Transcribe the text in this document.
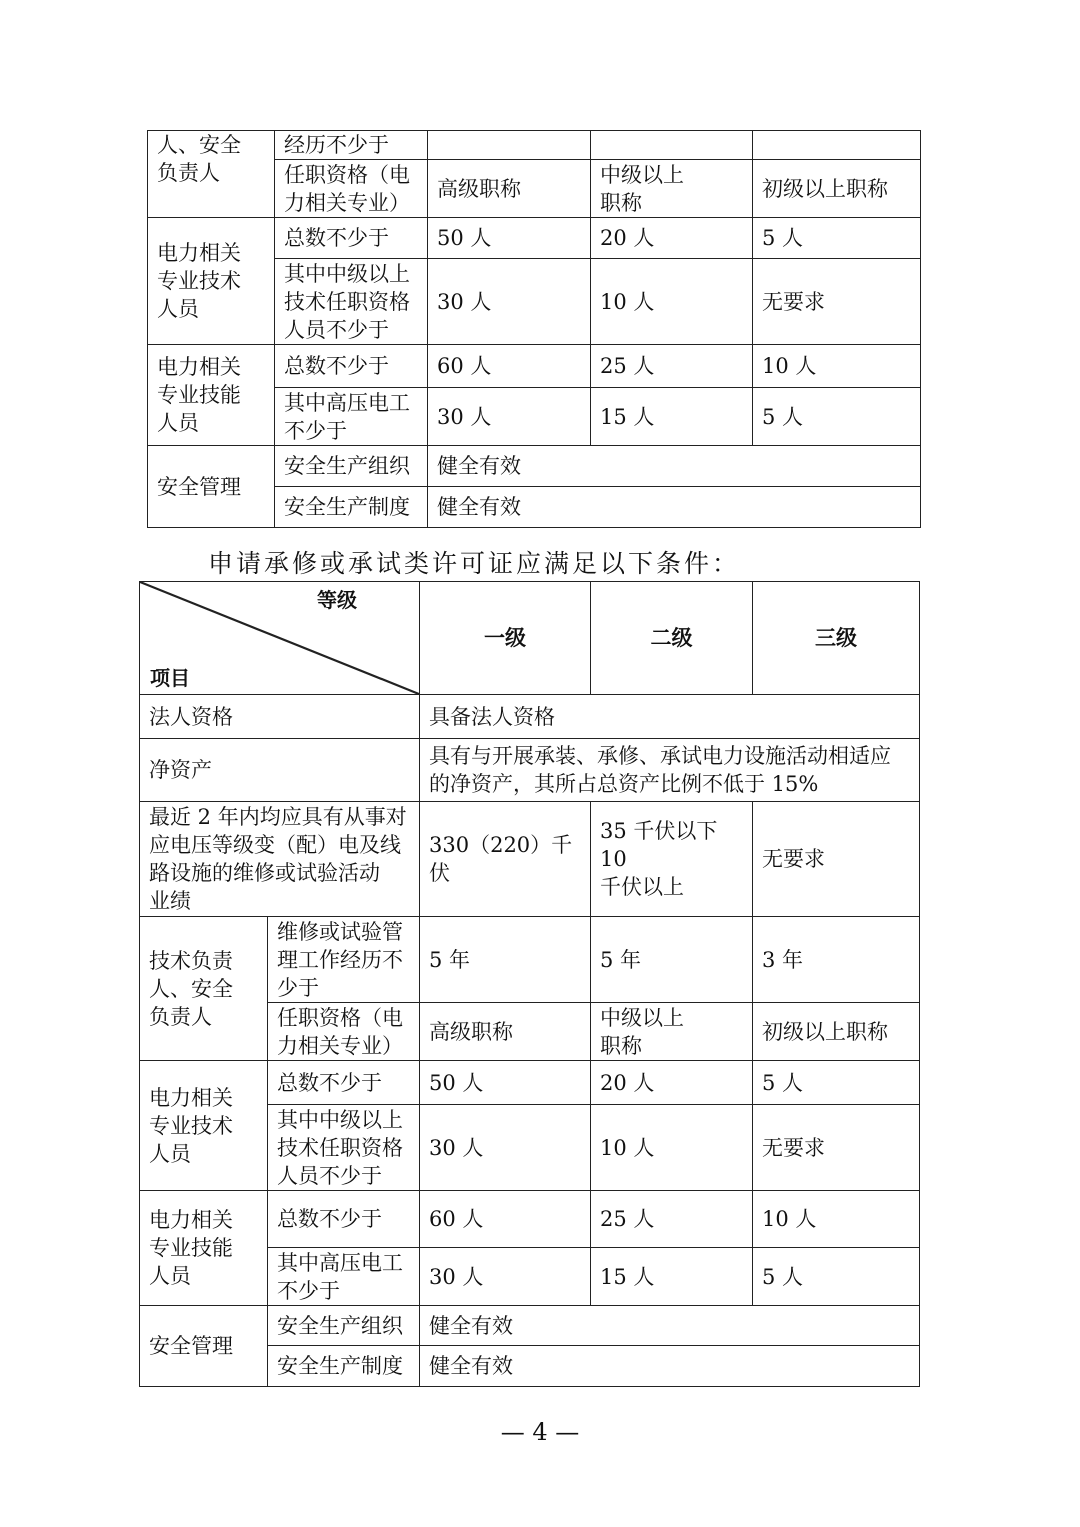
人、安全
负责人	经历不少于			
	任职资格（电
力相关专业）	高级职称	中级以上
职称	初级以上职称
电力相关
专业技术
人员	总数不少于	50 人	20 人	5 人
	其中中级以上
技术任职资格
人员不少于	30 人	10 人	无要求
电力相关
专业技能
人员	总数不少于	60 人	25 人	10 人
	其中高压电工
不少于	30 人	15 人	5 人
安全管理	安全生产组织	健全有效		
	安全生产制度	健全有效		
申请承修或承试类许可证应满足以下条件：

等级

项目		一级	二级	三级
法人资格		具备法人资格		
净资产		具有与开展承装、承修、承试电力设施活动相适应
的净资产，其所占总资产比例不低于 15%		
最近 2 年内均应具有从事对
应电压等级变（配）电及线
路设施的维修或试验活动
业绩		330（220）千伏	35 千伏以下 10
千伏以上	无要求
技术负责
人、安全
负责人	维修或试验管
理工作经历不
少于	5 年	5 年	3 年
	任职资格（电
力相关专业）	高级职称	中级以上
职称	初级以上职称
电力相关
专业技术
人员	总数不少于	50 人	20 人	5 人
	其中中级以上
技术任职资格
人员不少于	30 人	10 人	无要求
电力相关
专业技能
人员	总数不少于	60 人	25 人	10 人
	其中高压电工
不少于	30 人	15 人	5 人
安全管理	安全生产组织	健全有效		
	安全生产制度	健全有效		
— 4 —
